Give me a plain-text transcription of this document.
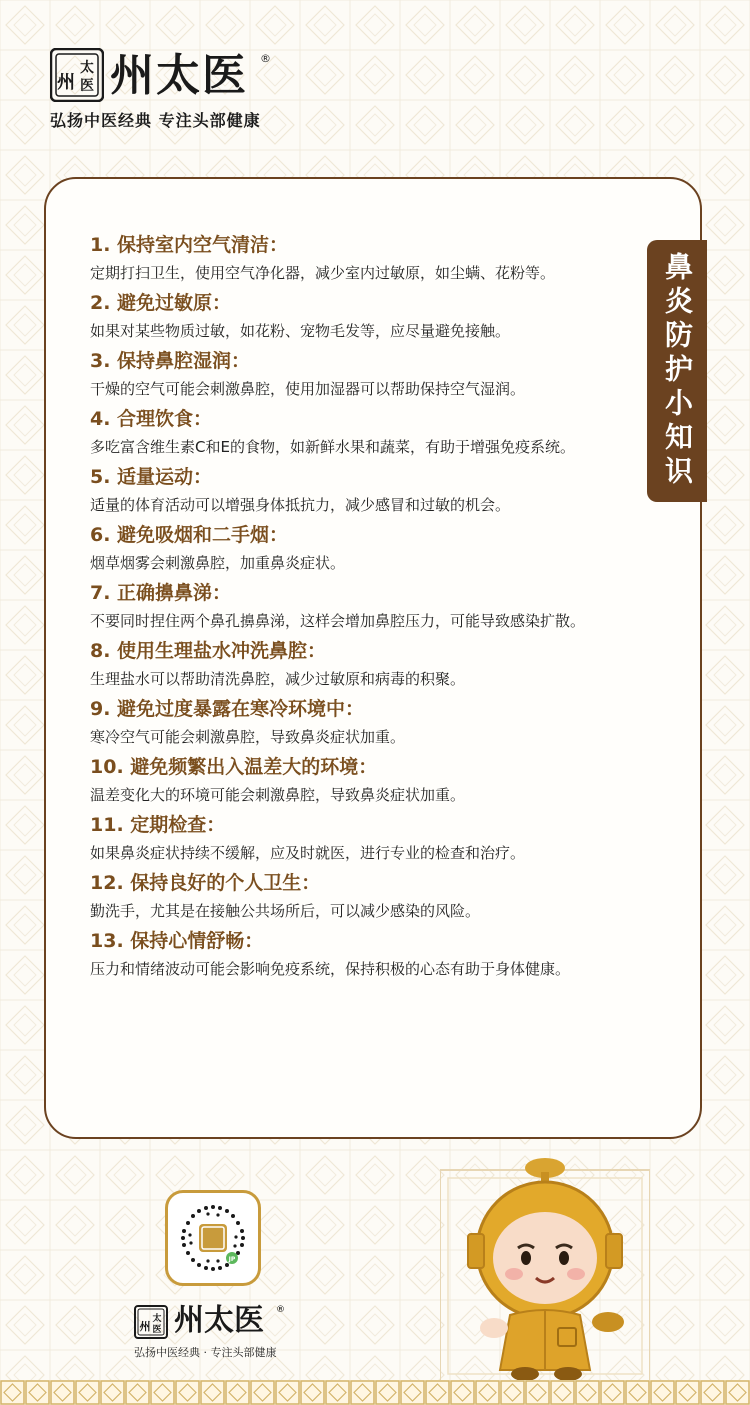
州
太
医 州太医 ®
弘扬中医经典 专注头部健康
鼻炎防护小知识
1. 保持室内空气清洁：
定期打扫卫生，使用空气净化器，减少室内过敏原，如尘螨、花粉等。
2. 避免过敏原：
如果对某些物质过敏，如花粉、宠物毛发等，应尽量避免接触。
3. 保持鼻腔湿润：
干燥的空气可能会刺激鼻腔，使用加湿器可以帮助保持空气湿润。
4. 合理饮食：
多吃富含维生素C和E的食物，如新鲜水果和蔬菜，有助于增强免疫系统。
5. 适量运动：
适量的体育活动可以增强身体抵抗力，减少感冒和过敏的机会。
6. 避免吸烟和二手烟：
烟草烟雾会刺激鼻腔，加重鼻炎症状。
7. 正确擤鼻涕：
不要同时捏住两个鼻孔擤鼻涕，这样会增加鼻腔压力，可能导致感染扩散。
8. 使用生理盐水冲洗鼻腔：
生理盐水可以帮助清洗鼻腔，减少过敏原和病毒的积聚。
9. 避免过度暴露在寒冷环境中：
寒冷空气可能会刺激鼻腔，导致鼻炎症状加重。
10. 避免频繁出入温差大的环境：
温差变化大的环境可能会刺激鼻腔，导致鼻炎症状加重。
11. 定期检查：
如果鼻炎症状持续不缓解，应及时就医，进行专业的检查和治疗。
12. 保持良好的个人卫生：
勤洗手，尤其是在接触公共场所后，可以减少感染的风险。
13. 保持心情舒畅：
压力和情绪波动可能会影响免疫系统，保持积极的心态有助于身体健康。
JP
州
太
医 州太医 ®
弘扬中医经典 · 专注头部健康
